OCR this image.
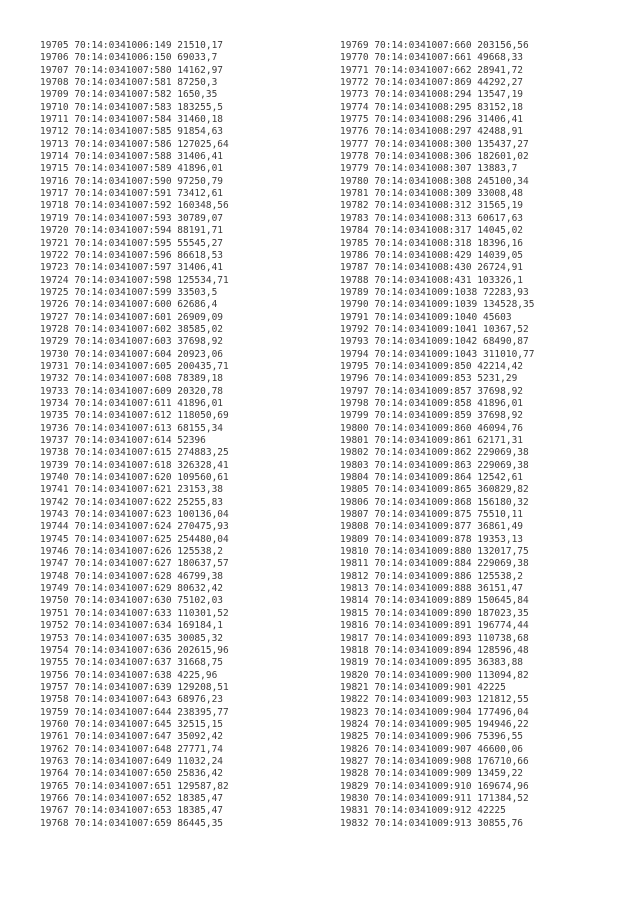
19705 70:14:0341006:149 21510,17
19706 70:14:0341006:150 69033,7
19707 70:14:0341007:580 14162,97
19708 70:14:0341007:581 87250,3
19709 70:14:0341007:582 1650,35
19710 70:14:0341007:583 183255,5
19711 70:14:0341007:584 31460,18
19712 70:14:0341007:585 91854,63
19713 70:14:0341007:586 127025,64
19714 70:14:0341007:588 31406,41
19715 70:14:0341007:589 41896,01
19716 70:14:0341007:590 97250,79
19717 70:14:0341007:591 73412,61
19718 70:14:0341007:592 160348,56
19719 70:14:0341007:593 30789,07
19720 70:14:0341007:594 88191,71
19721 70:14:0341007:595 55545,27
19722 70:14:0341007:596 86618,53
19723 70:14:0341007:597 31406,41
19724 70:14:0341007:598 125534,71
19725 70:14:0341007:599 33503,5
19726 70:14:0341007:600 62686,4
19727 70:14:0341007:601 26909,09
19728 70:14:0341007:602 38585,02
19729 70:14:0341007:603 37698,92
19730 70:14:0341007:604 20923,06
19731 70:14:0341007:605 200435,71
19732 70:14:0341007:608 78389,18
19733 70:14:0341007:609 20320,78
19734 70:14:0341007:611 41896,01
19735 70:14:0341007:612 118050,69
19736 70:14:0341007:613 68155,34
19737 70:14:0341007:614 52396
19738 70:14:0341007:615 274883,25
19739 70:14:0341007:618 326328,41
19740 70:14:0341007:620 109560,61
19741 70:14:0341007:621 23153,38
19742 70:14:0341007:622 25255,83
19743 70:14:0341007:623 100136,04
19744 70:14:0341007:624 270475,93
19745 70:14:0341007:625 254480,04
19746 70:14:0341007:626 125538,2
19747 70:14:0341007:627 180637,57
19748 70:14:0341007:628 46799,38
19749 70:14:0341007:629 80632,42
19750 70:14:0341007:630 75102,03
19751 70:14:0341007:633 110301,52
19752 70:14:0341007:634 169184,1
19753 70:14:0341007:635 30085,32
19754 70:14:0341007:636 202615,96
19755 70:14:0341007:637 31668,75
19756 70:14:0341007:638 4225,96
19757 70:14:0341007:639 129208,51
19758 70:14:0341007:643 68976,23
19759 70:14:0341007:644 238395,77
19760 70:14:0341007:645 32515,15
19761 70:14:0341007:647 35092,42
19762 70:14:0341007:648 27771,74
19763 70:14:0341007:649 11032,24
19764 70:14:0341007:650 25836,42
19765 70:14:0341007:651 129587,82
19766 70:14:0341007:652 18385,47
19767 70:14:0341007:653 18385,47
19768 70:14:0341007:659 86445,35
19769 70:14:0341007:660 203156,56
19770 70:14:0341007:661 49668,33
19771 70:14:0341007:662 28941,72
19772 70:14:0341007:869 44292,27
19773 70:14:0341008:294 13547,19
19774 70:14:0341008:295 83152,18
19775 70:14:0341008:296 31406,41
19776 70:14:0341008:297 42488,91
19777 70:14:0341008:300 135437,27
19778 70:14:0341008:306 182601,02
19779 70:14:0341008:307 13883,7
19780 70:14:0341008:308 245100,34
19781 70:14:0341008:309 33008,48
19782 70:14:0341008:312 31565,19
19783 70:14:0341008:313 60617,63
19784 70:14:0341008:317 14045,02
19785 70:14:0341008:318 18396,16
19786 70:14:0341008:429 14039,05
19787 70:14:0341008:430 26724,91
19788 70:14:0341008:431 103326,1
19789 70:14:0341009:1038 72283,93
19790 70:14:0341009:1039 134528,35
19791 70:14:0341009:1040 45603
19792 70:14:0341009:1041 10367,52
19793 70:14:0341009:1042 68490,87
19794 70:14:0341009:1043 311010,77
19795 70:14:0341009:850 42214,42
19796 70:14:0341009:853 5231,29
19797 70:14:0341009:857 37698,92
19798 70:14:0341009:858 41896,01
19799 70:14:0341009:859 37698,92
19800 70:14:0341009:860 46094,76
19801 70:14:0341009:861 62171,31
19802 70:14:0341009:862 229069,38
19803 70:14:0341009:863 229069,38
19804 70:14:0341009:864 12542,61
19805 70:14:0341009:865 360829,82
19806 70:14:0341009:868 156180,32
19807 70:14:0341009:875 75510,11
19808 70:14:0341009:877 36861,49
19809 70:14:0341009:878 19353,13
19810 70:14:0341009:880 132017,75
19811 70:14:0341009:884 229069,38
19812 70:14:0341009:886 125538,2
19813 70:14:0341009:888 36151,47
19814 70:14:0341009:889 150645,84
19815 70:14:0341009:890 187023,35
19816 70:14:0341009:891 196774,44
19817 70:14:0341009:893 110738,68
19818 70:14:0341009:894 128596,48
19819 70:14:0341009:895 36383,88
19820 70:14:0341009:900 113094,82
19821 70:14:0341009:901 42225
19822 70:14:0341009:903 121812,55
19823 70:14:0341009:904 177496,04
19824 70:14:0341009:905 194946,22
19825 70:14:0341009:906 75396,55
19826 70:14:0341009:907 46600,06
19827 70:14:0341009:908 176710,66
19828 70:14:0341009:909 13459,22
19829 70:14:0341009:910 169674,96
19830 70:14:0341009:911 171384,52
19831 70:14:0341009:912 42225
19832 70:14:0341009:913 30855,76
